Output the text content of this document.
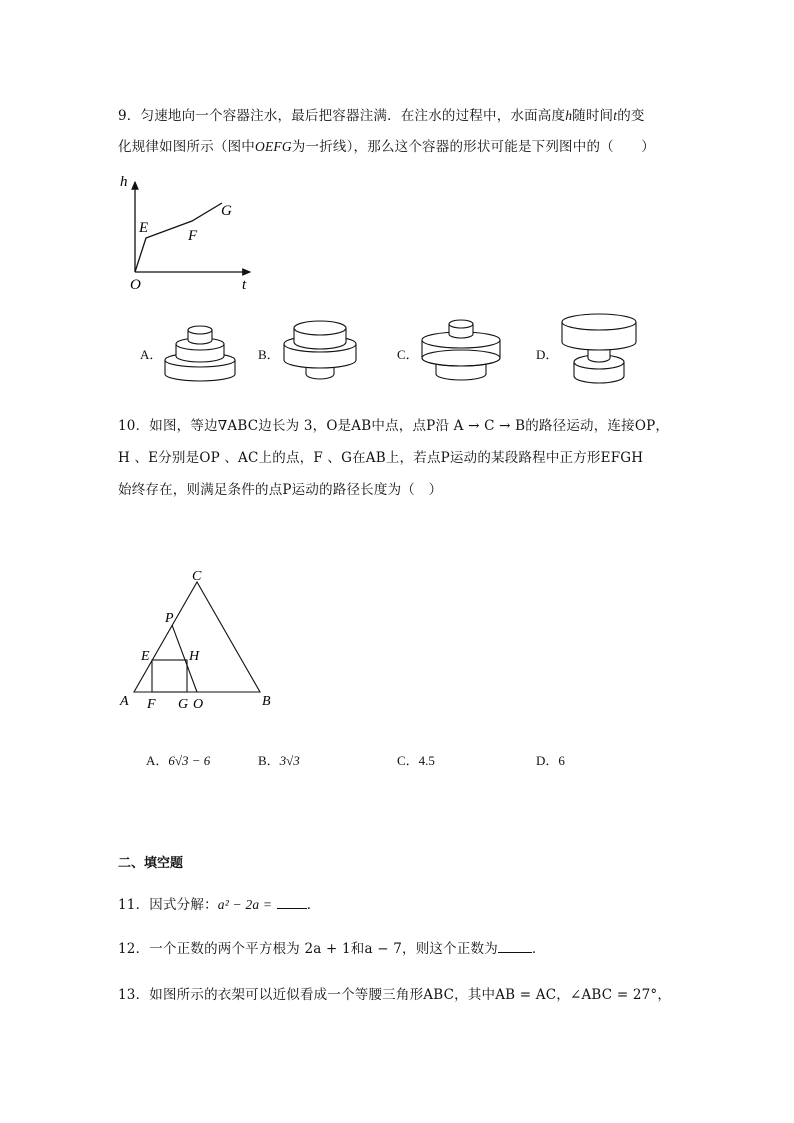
9．匀速地向一个容器注水，最后把容器注满．在注水的过程中，水面高度h随时间t的变
化规律如图所示（图中OEFG为一折线），那么这个容器的形状可能是下列图中的（　　）
h
t
O
E	F
G
A．	B．	C．	D．
10．如图，等边∇ABC边长为 3，O是AB中点，点P沿 A → C → B的路径运动，连接OP，
H 、E分别是OP 、AC上的点，F 、G在AB上，若点P运动的某段路程中正方形EFGH
始终存在，则满足条件的点P运动的路径长度为（　）
A	B
C
P
E	H
F G O
A．6√3 − 6	B．3√3	C．4.5	D．6
二、填空题
11．因式分解：a² − 2a =	．
12．一个正数的两个平方根为 2a + 1和a − 7，则这个正数为	．
13．如图所示的衣架可以近似看成一个等腰三角形ABC，其中AB = AC，∠ABC = 27°，
